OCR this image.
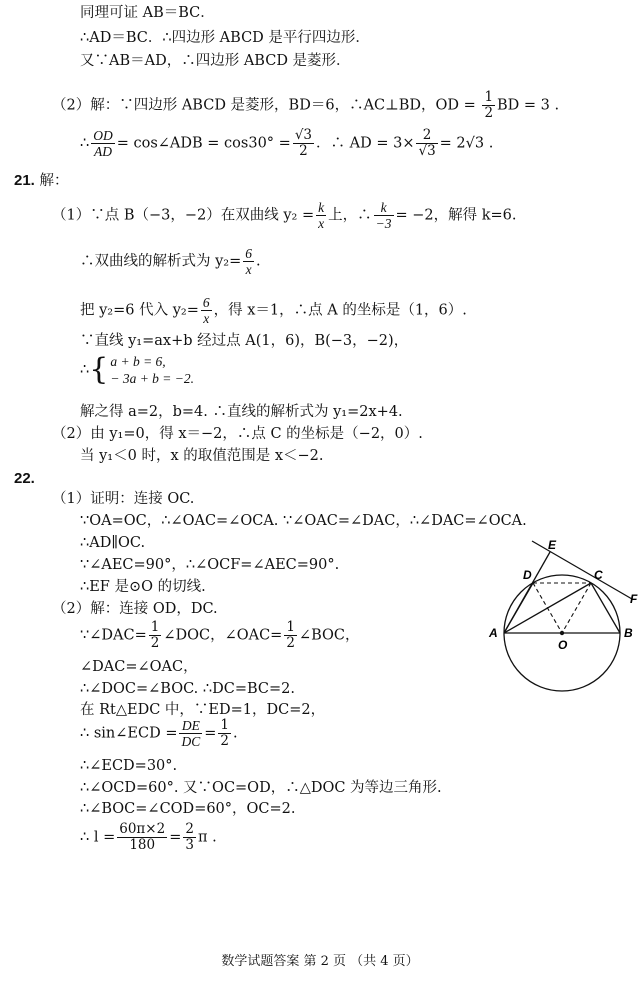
同理可证 AB＝BC．
∴AD＝BC．∴四边形 ABCD 是平行四边形．
又∵AB＝AD，∴四边形 ABCD 是菱形．
（2）解：∵四边形 ABCD 是菱形，BD＝6，∴AC⊥BD，OD = $\frac{1}{2}$ BD = 3 .
∴ $\frac{OD}{AD}$ = cos∠ADB = $\cos 30^\circ = \frac{√3}{2}$ ．∴ AD = $3\times \frac{2}{√3} = 2√3$ .
21. 解：
（1）∵点 B（−3，−2）在双曲线 $y_2 = \frac{k}{x}$ 上，∴ $\frac{k}{-3} = -2$，解得 k=6.
∴双曲线的解析式为 $y_2= \frac{6}{x}$ .
把 y₂=6 代入 $y_2= \frac{6}{x}$ ，得 x＝1，∴点 A 的坐标是（1，6）.
∵直线 y₁=ax+b 经过点 A(1，6)，B(−3，−2)，
∴{ a + b = 6,
− 3a + b = −2.
解之得 a=2，b=4. ∴直线的解析式为 y₁=2x+4.
（2）由 y₁=0，得 x＝−2，∴点 C 的坐标是（−2，0）.
当 y₁＜0 时，x 的取值范围是 x＜−2.
22.
（1）证明：连接 OC.
∵OA=OC，∴∠OAC=∠OCA. ∵∠OAC=∠DAC，∴∠DAC=∠OCA.
∴AD∥OC.
∵∠AEC=90°，∴∠OCF=∠AEC=90°.
∴EF 是⊙O 的切线.
（2）解：连接 OD，DC.
∵∠DAC= $\frac{1}{2}$ ∠DOC，∠OAC= $\frac{1}{2}$ ∠BOC，
∠DAC=∠OAC，
∴∠DOC=∠BOC. ∴DC=BC=2.
在 Rt△EDC 中，∵ED=1，DC=2，
∴ sin∠ECD = $\frac{DE}{DC} = \frac{1}{2}$ .
∴∠ECD=30°.
∴∠OCD=60°. 又∵OC=OD，∴△DOC 为等边三角形.
∴∠BOC=∠COD=60°，OC=2.
∴ $l = \frac{60\pi\times 2}{180} = \frac{2}{3}$ π .
A	B
C
D
E
F
O
数学试题答案 第 2 页 （共 4 页）
